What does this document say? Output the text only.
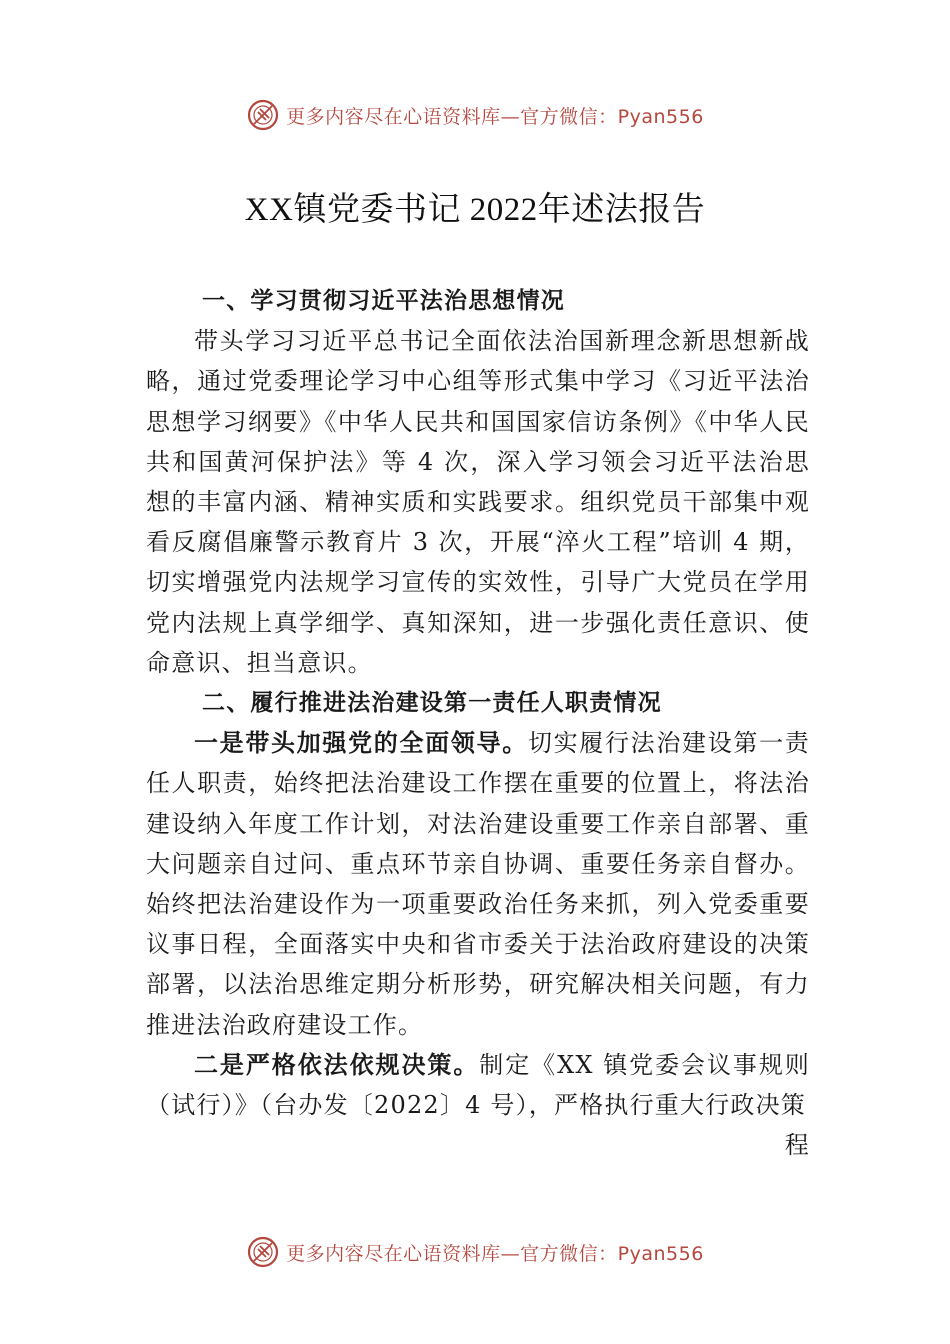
更多内容尽在心语资料库—官方微信：Pyan556
XX镇党委书记 2022年述法报告

一、学习贯彻习近平法治思想情况

带头学习习近平总书记全面依法治国新理念新思想新战略，通过党委理论学习中心组等形式集中学习《习近平法治思想学习纲要》《中华人民共和国国家信访条例》《中华人民共和国黄河保护法》等 4 次，深入学习领会习近平法治思想的丰富内涵、精神实质和实践要求。组织党员干部集中观看反腐倡廉警示教育片 3 次，开展“淬火工程”培训 4 期， 切实增强党内法规学习宣传的实效性，引导广大党员在学用党内法规上真学细学、真知深知，进一步强化责任意识、使命意识、担当意识。

二、履行推进法治建设第一责任人职责情况

一是带头加强党的全面领导。切实履行法治建设第一责任人职责，始终把法治建设工作摆在重要的位置上，将法治建设纳入年度工作计划，对法治建设重要工作亲自部署、重大问题亲自过问、重点环节亲自协调、重要任务亲自督办。 始终把法治建设作为一项重要政治任务来抓，列入党委重要议事日程，全面落实中央和省市委关于法治政府建设的决策部署，以法治思维定期分析形势，研究解决相关问题，有力推进法治政府建设工作。

二是严格依法依规决策。制定《XX 镇党委会议事规则（试行）》（台办发〔2022〕4 号），严格执行重大行政决策

程

更多内容尽在心语资料库—官方微信：Pyan556
